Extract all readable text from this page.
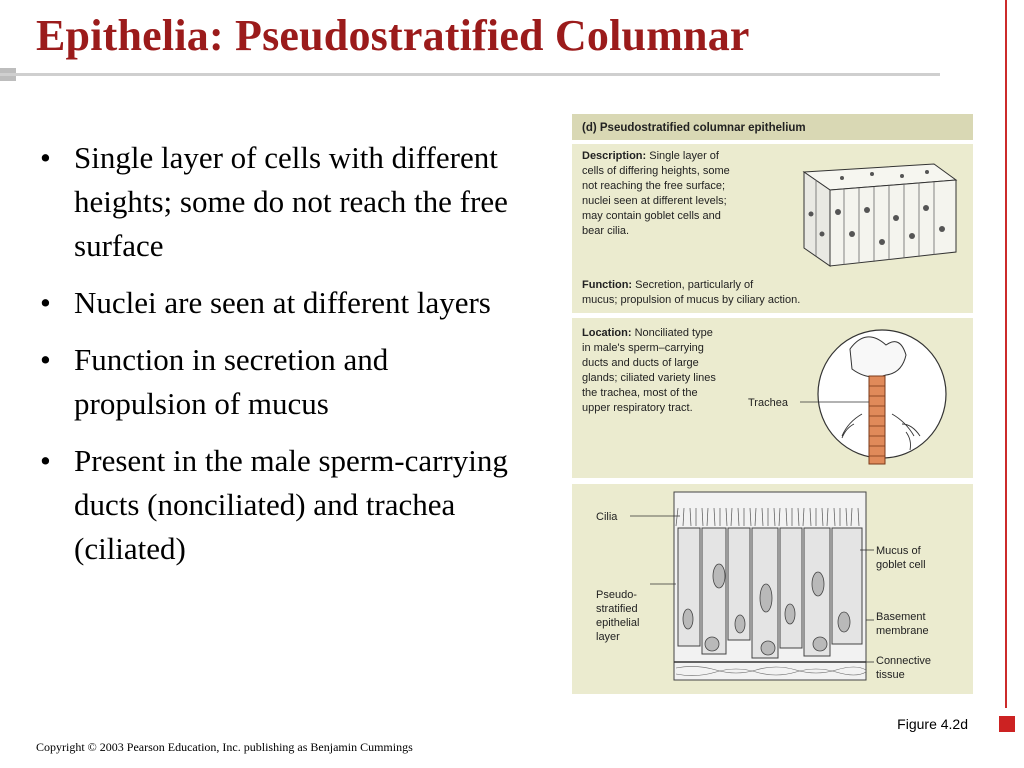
Epithelia: Pseudostratified Columnar
• Single layer of cells with different heights; some do not reach the free surface
• Nuclei are seen at different layers
• Function in secretion and propulsion of mucus
• Present in the male sperm-carrying ducts (nonciliated) and trachea (ciliated)
(d) Pseudostratified columnar epithelium
Description: Single layer of
cells of differing heights, some
not reaching the free surface;
nuclei seen at different levels;
may contain goblet cells and
bear cilia.
Function: Secretion, particularly of
mucus; propulsion of mucus by ciliary action.
Location: Nonciliated type
in male's sperm–carrying
ducts and ducts of large
glands; ciliated variety lines
the trachea, most of the
upper respiratory tract.	Trachea
Cilia
Pseudo-
stratified
epithelial
layer
Mucus of
goblet cell
Basement
membrane
Connective
tissue
Figure 4.2d
Copyright © 2003 Pearson Education, Inc. publishing as Benjamin Cummings
